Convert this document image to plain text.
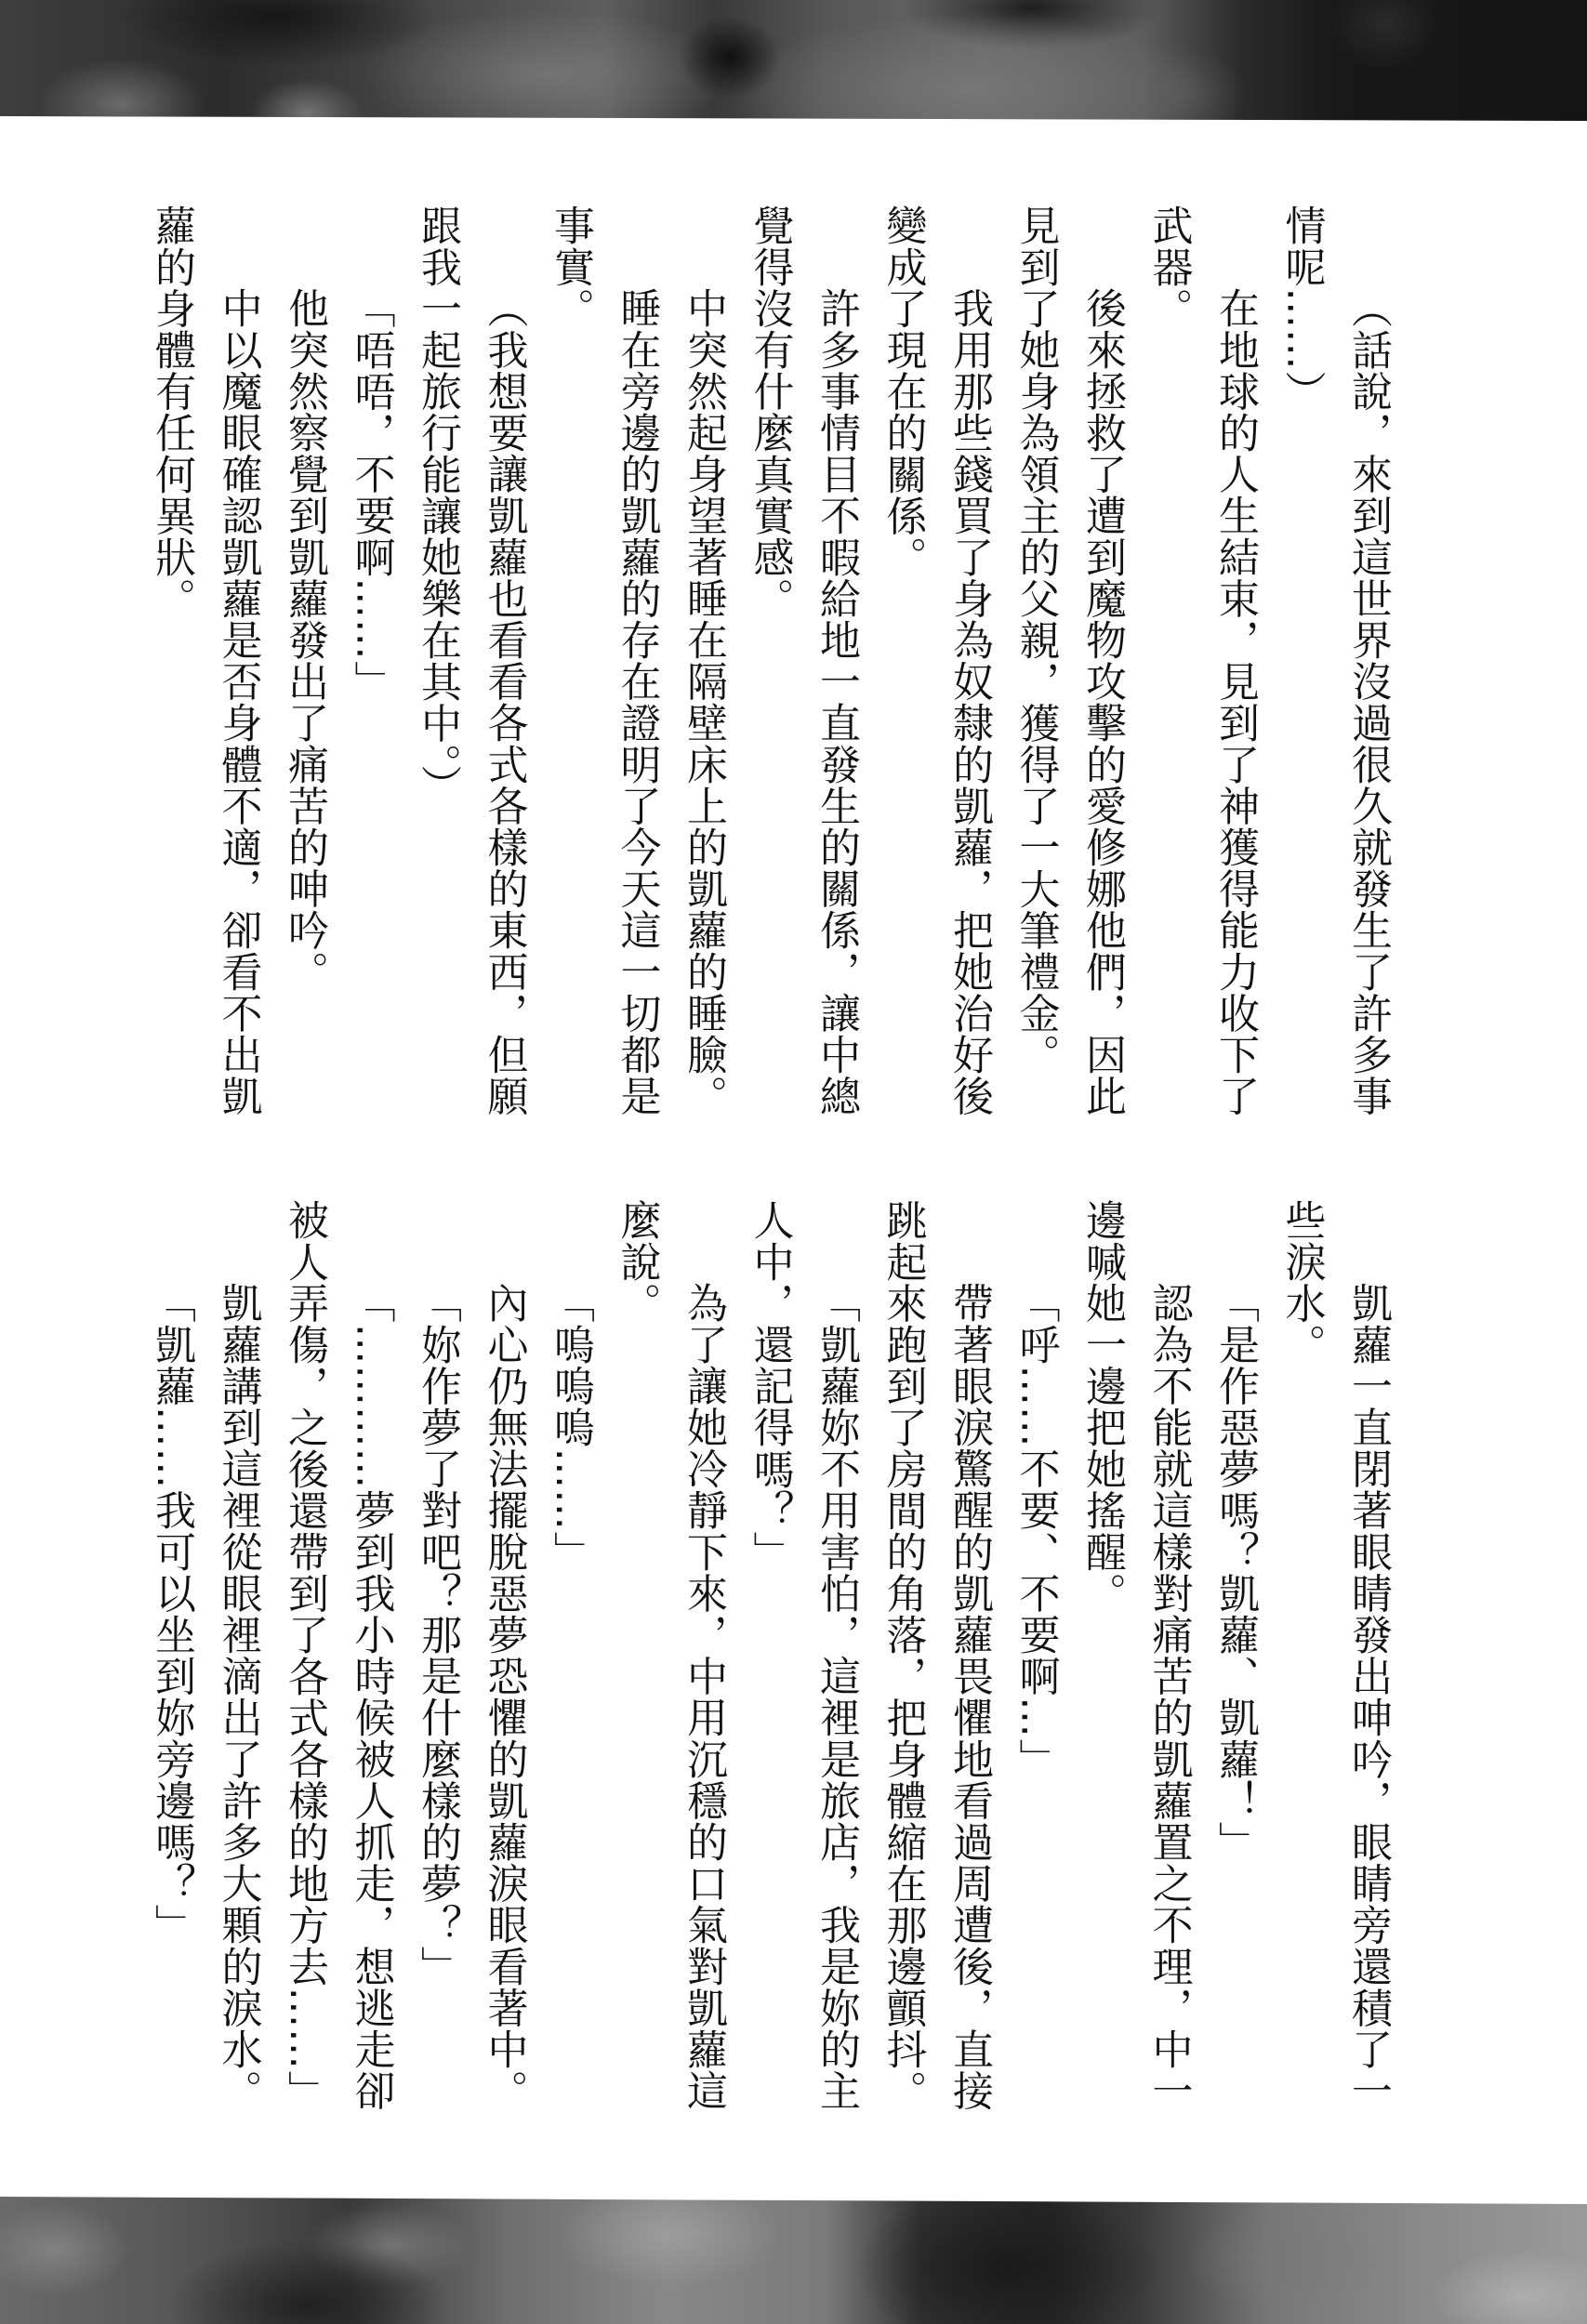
（話說，來到這世界沒過很久就發生了許多事
情呢……）
在地球的人生結束，見到了神獲得能力收下了
武器。
後來拯救了遭到魔物攻擊的愛修娜他們，因此
見到了她身為領主的父親，獲得了一大筆禮金。
我用那些錢買了身為奴隸的凱蘿，把她治好後
變成了現在的關係。
許多事情目不暇給地一直發生的關係，讓中總
覺得沒有什麼真實感。
中突然起身望著睡在隔壁床上的凱蘿的睡臉。
睡在旁邊的凱蘿的存在證明了今天這一切都是
事實。
（我想要讓凱蘿也看看各式各樣的東西，但願
跟我一起旅行能讓她樂在其中。）
「唔唔，不要啊……」
他突然察覺到凱蘿發出了痛苦的呻吟。
中以魔眼確認凱蘿是否身體不適，卻看不出凱
蘿的身體有任何異狀。
凱蘿一直閉著眼睛發出呻吟，眼睛旁還積了一
些淚水。
「是作惡夢嗎？凱蘿、凱蘿！」
認為不能就這樣對痛苦的凱蘿置之不理，中一
邊喊她一邊把她搖醒。
「呼……不要、不要啊…」
帶著眼淚驚醒的凱蘿畏懼地看過周遭後，直接
跳起來跑到了房間的角落，把身體縮在那邊顫抖。
「凱蘿妳不用害怕，這裡是旅店，我是妳的主
人中，還記得嗎？」
為了讓她冷靜下來，中用沉穩的口氣對凱蘿這
麼說。
「嗚嗚嗚……」
內心仍無法擺脫惡夢恐懼的凱蘿淚眼看著中。
「妳作夢了對吧？那是什麼樣的夢？」
「…………夢到我小時候被人抓走，想逃走卻
被人弄傷，之後還帶到了各式各樣的地方去……」
凱蘿講到這裡從眼裡滴出了許多大顆的淚水。
「凱蘿……我可以坐到妳旁邊嗎？」
